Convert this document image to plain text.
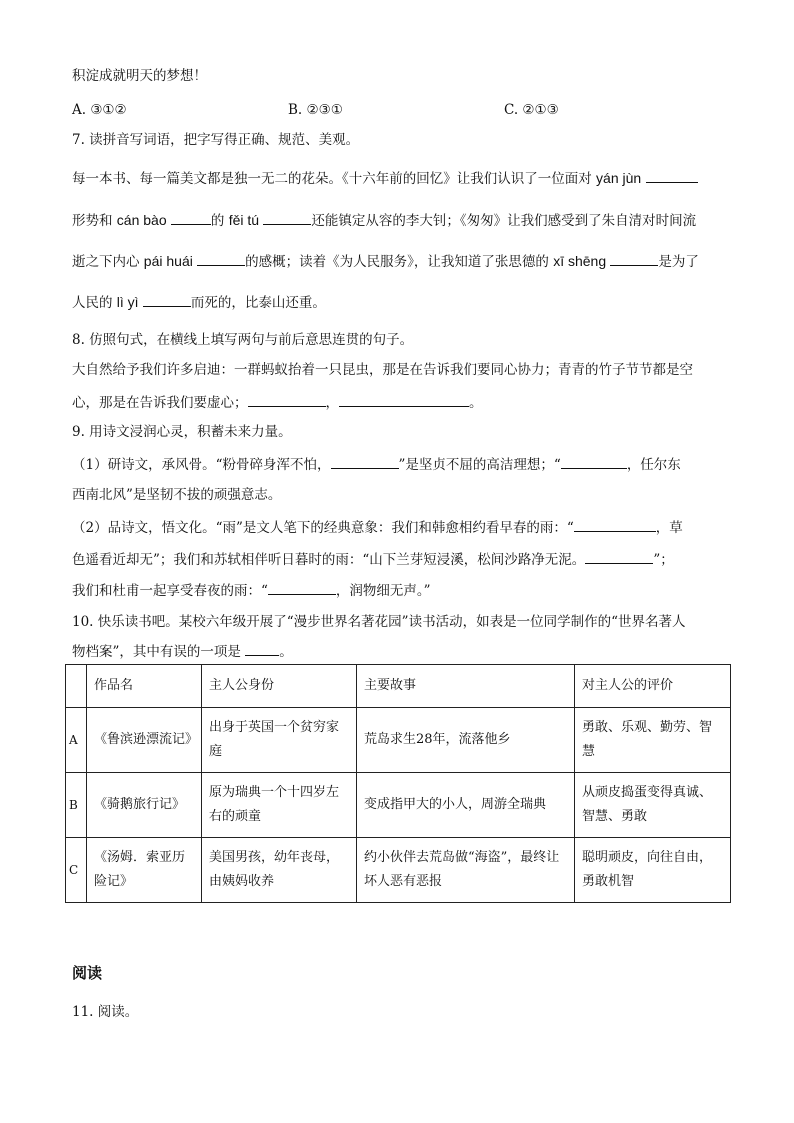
积淀成就明天的梦想！
A. ③①②	B. ②③①	C. ②①③
7. 读拼音写词语，把字写得正确、规范、美观。
每一本书、每一篇美文都是独一无二的花朵。《十六年前的回忆》让我们认识了一位面对 yán jùn
形势和 cán bào	的 fěi tú	还能镇定从容的李大钊；《匆匆》让我们感受到了朱自清对时间流
逝之下内心 pái huái	的感概；读着《为人民服务》，让我知道了张思德的 xī shēng	是为了
人民的 lì yì	而死的，比泰山还重。
8. 仿照句式，在横线上填写两句与前后意思连贯的句子。
大自然给予我们许多启迪：一群蚂蚁抬着一只昆虫，那是在告诉我们要同心协力；青青的竹子节节都是空
心，那是在告诉我们要虚心；	，	。
9. 用诗文浸润心灵，积蓄未来力量。
（1）研诗文，承风骨。“粉骨碎身浑不怕，	”是坚贞不屈的高洁理想；“	，任尔东
西南北风”是坚韧不拔的顽强意志。
（2）品诗文，悟文化。“雨”是文人笔下的经典意象：我们和韩愈相约看早春的雨：“	，草
色遥看近却无”；我们和苏轼相伴听日暮时的雨：“山下兰芽短浸溪，松间沙路净无泥。	”；
我们和杜甫一起享受春夜的雨：“	，润物细无声。”
10. 快乐读书吧。某校六年级开展了“漫步世界名著花园”读书活动，如表是一位同学制作的“世界名著人
物档案”，其中有误的一项是	。
	作品名	主人公身份	主要故事	对主人公的评价
A	《鲁滨逊漂流记》	出身于英国一个贫穷家庭	荒岛求生28年，流落他乡	勇敢、乐观、勤劳、智慧
B	《骑鹅旅行记》	原为瑞典一个十四岁左右的顽童	变成指甲大的小人，周游全瑞典	从顽皮捣蛋变得真诚、智慧、勇敢
C	《汤姆．索亚历险记》	美国男孩，幼年丧母，由姨妈收养	约小伙伴去荒岛做“海盗”，最终让坏人恶有恶报	聪明顽皮，向往自由，勇敢机智
阅读
11. 阅读。
